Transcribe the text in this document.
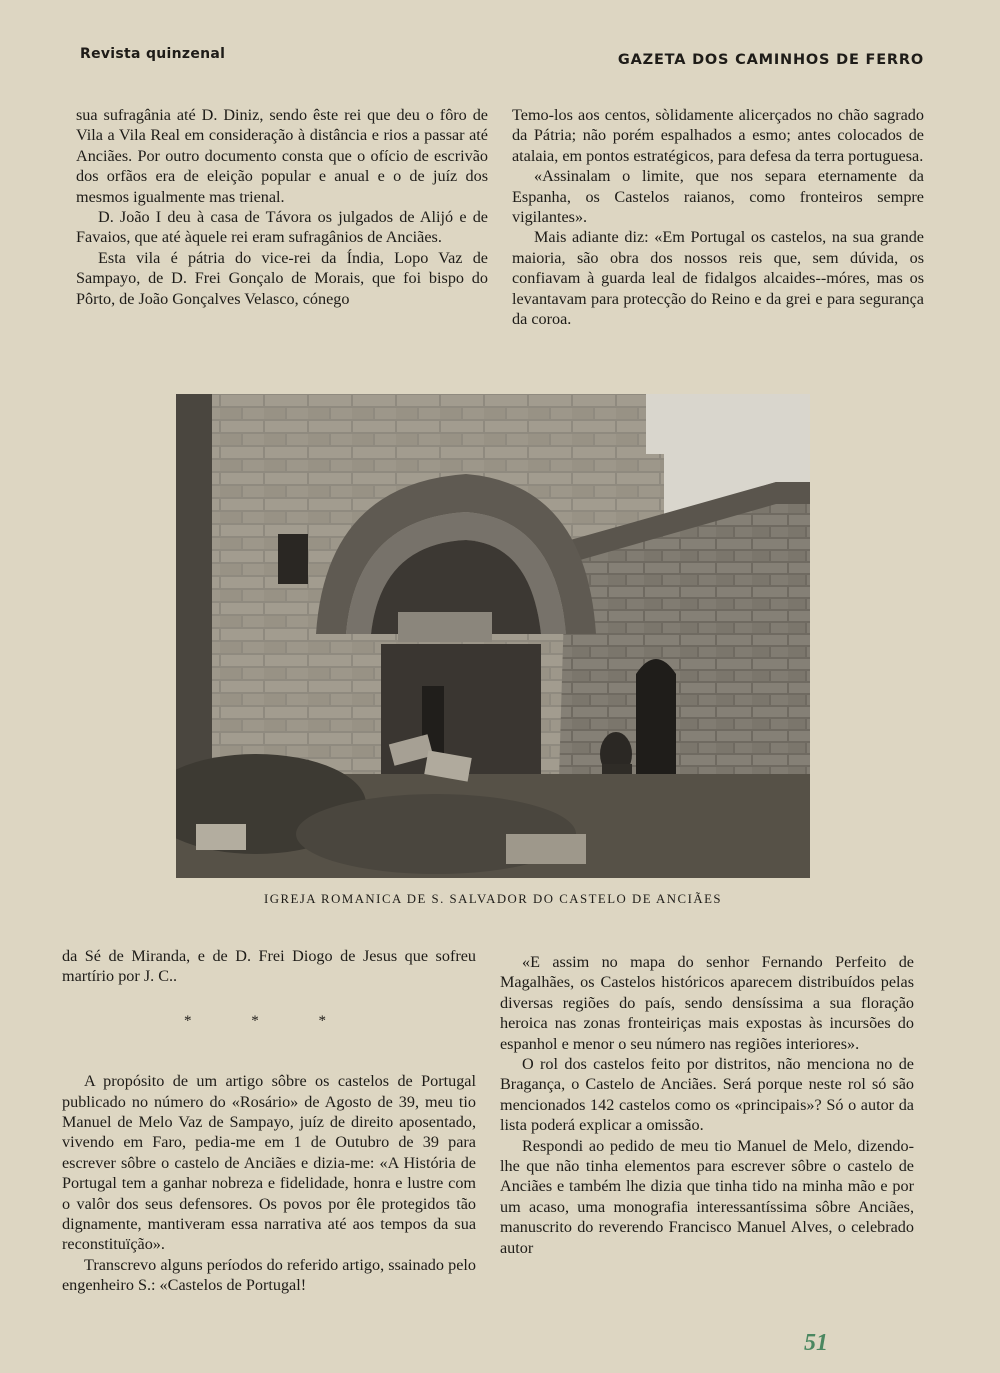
Revista quinzenal	GAZETA DOS CAMINHOS DE FERRO

sua sufragânia até D. Diniz, sendo êste rei que deu o fôro de Vila a Vila Real em consideração à distância e rios a passar até Anciães. Por outro documento consta que o ofício de escrivão dos orfãos era de eleição popular e anual e o de juíz dos mesmos igualmente mas trienal.

D. João I deu à casa de Távora os julgados de Alijó e de Favaios, que até àquele rei eram sufragânios de Anciães.

Esta vila é pátria do vice-rei da Índia, Lopo Vaz de Sampayo, de D. Frei Gonçalo de Morais, que foi bispo do Pôrto, de João Gonçalves Velasco, cónego

Temo-los aos centos, sòlidamente alicerçados no chão sagrado da Pátria; não porém espalhados a esmo; antes colocados de atalaia, em pontos estratégicos, para defesa da terra portuguesa.

«Assinalam o limite, que nos separa eternamente da Espanha, os Castelos raianos, como fronteiros sempre vigilantes».

Mais adiante diz: «Em Portugal os castelos, na sua grande maioria, são obra dos nossos reis que, sem dúvida, os confiavam à guarda leal de fidalgos alcaides--móres, mas os levantavam para protecção do Reino e da grei e para segurança da coroa.

IGREJA ROMANICA DE S. SALVADOR DO CASTELO DE ANCIÃES

da Sé de Miranda, e de D. Frei Diogo de Jesus que sofreu martírio por J. C..

* * *

A propósito de um artigo sôbre os castelos de Portugal publicado no número do «Rosário» de Agosto de 39, meu tio Manuel de Melo Vaz de Sampayo, juíz de direito aposentado, vivendo em Faro, pedia-me em 1 de Outubro de 39 para escrever sôbre o castelo de Anciães e dizia-me: «A História de Portugal tem a ganhar nobreza e fidelidade, honra e lustre com o valôr dos seus defensores. Os povos por êle protegidos tão dignamente, mantiveram essa narrativa até aos tempos da sua reconstituïção».

Transcrevo alguns períodos do referido artigo, ssainado pelo engenheiro S.: «Castelos de Portugal!

«E assim no mapa do senhor Fernando Perfeito de Magalhães, os Castelos históricos aparecem distribuídos pelas diversas regiões do país, sendo densíssima a sua floração heroica nas zonas fronteiriças mais expostas às incursões do espanhol e menor o seu número nas regiões interiores».

O rol dos castelos feito por distritos, não menciona no de Bragança, o Castelo de Anciães. Será porque neste rol só são mencionados 142 castelos como os «principais»? Só o autor da lista poderá explicar a omissão.

Respondi ao pedido de meu tio Manuel de Melo, dizendo-lhe que não tinha elementos para escrever sôbre o castelo de Anciães e também lhe dizia que tinha tido na minha mão e por um acaso, uma monografia interessantíssima sôbre Anciães, manuscrito do reverendo Francisco Manuel Alves, o celebrado autor

51
